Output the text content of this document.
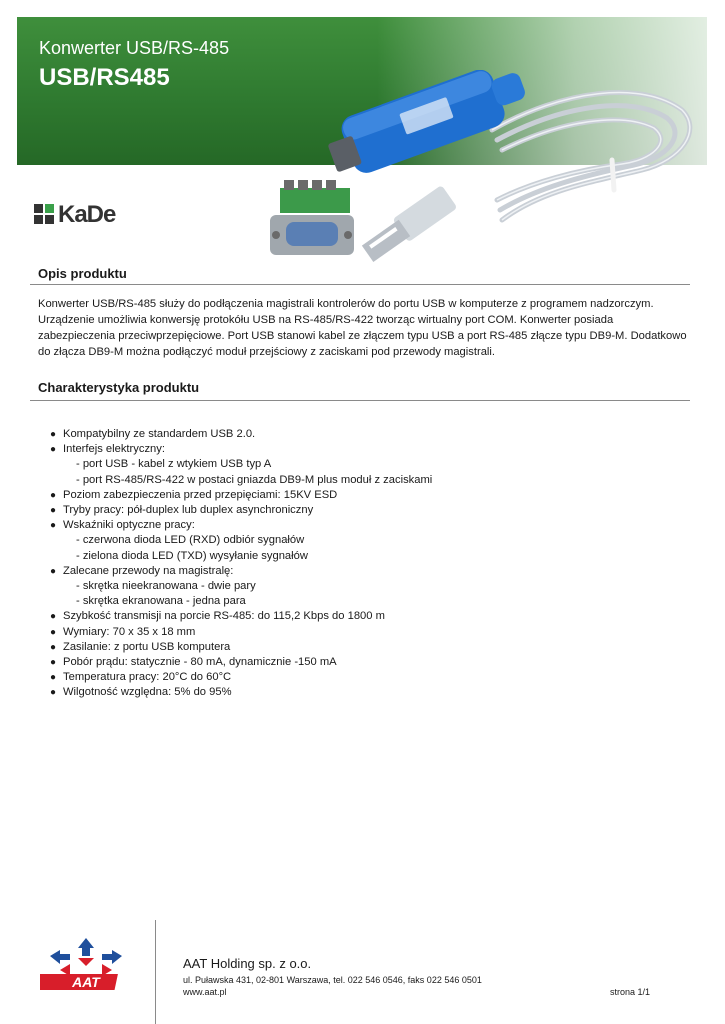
Konwerter USB/RS-485
USB/RS485
KaDe
Opis produktu

Konwerter USB/RS-485 służy do podłączenia magistrali kontrolerów do portu USB w komputerze z programem nadzorczym.

Urządzenie umożliwia konwersję protokółu USB na RS-485/RS-422 tworząc wirtualny port COM. Konwerter posiada

zabezpieczenia przeciwprzepięciowe. Port USB stanowi kabel ze złączem typu USB a port RS-485 złącze typu DB9-M. Dodatkowo

do złącza DB9-M można podłączyć moduł przejściowy z zaciskami pod przewody magistrali.

Charakterystyka produktu
● Kompatybilny ze standardem USB 2.0.
● Interfejs elektryczny:
- port USB - kabel z wtykiem USB typ A
- port RS-485/RS-422 w postaci gniazda DB9-M plus moduł z zaciskami
● Poziom zabezpieczenia przed przepięciami: 15KV ESD
● Tryby pracy: pół-duplex lub duplex asynchroniczny
● Wskaźniki optyczne pracy:
- czerwona dioda LED (RXD) odbiór sygnałów
- zielona dioda LED (TXD) wysyłanie sygnałów
● Zalecane przewody na magistralę:
- skrętka nieekranowana - dwie pary
- skrętka ekranowana - jedna para
● Szybkość transmisji na porcie RS-485: do 115,2 Kbps do 1800 m
● Wymiary: 70 x 35 x 18 mm
● Zasilanie: z portu USB komputera
● Pobór prądu: statycznie - 80 mA, dynamicznie -150 mA
● Temperatura pracy: 20°C do 60°C
● Wilgotność względna: 5% do 95%
AAT
AAT Holding sp. z o.o.
ul. Puławska 431, 02-801 Warszawa, tel. 022 546 0546, faks 022 546 0501
www.aat.pl	strona 1/1
